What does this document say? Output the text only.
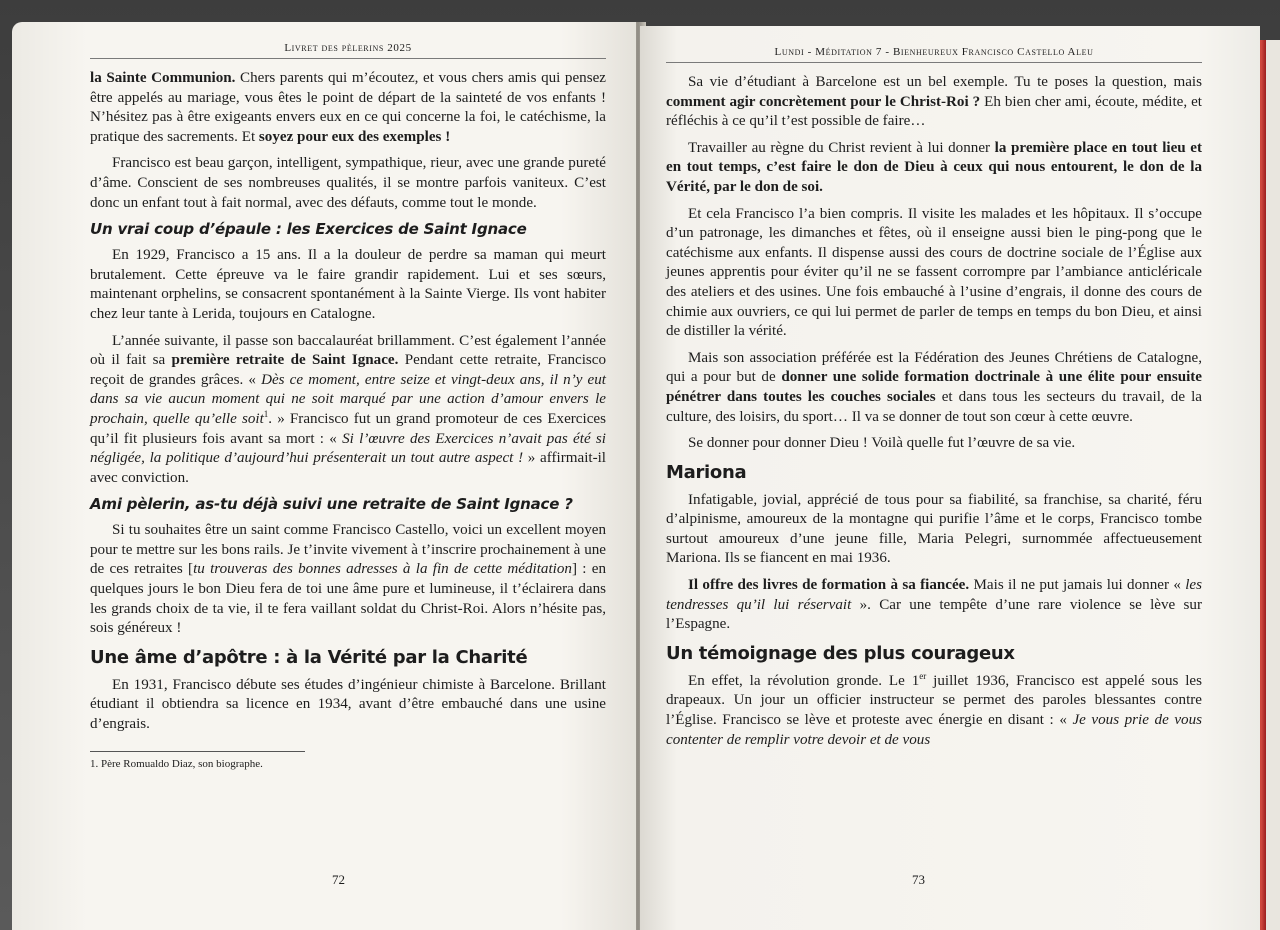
Livret des pèlerins 2025

la Sainte Communion. Chers parents qui m’écoutez, et vous chers amis qui pensez être appelés au mariage, vous êtes le point de départ de la sainteté de vos enfants ! N’hésitez pas à être exigeants envers eux en ce qui concerne la foi, le catéchisme, la pratique des sacrements. Et soyez pour eux des exemples !

Francisco est beau garçon, intelligent, sympathique, rieur, avec une grande pureté d’âme. Conscient de ses nombreuses qualités, il se montre parfois vaniteux. C’est donc un enfant tout à fait normal, avec des défauts, comme tout le monde.

Un vrai coup d’épaule : les Exercices de Saint Ignace

En 1929, Francisco a 15 ans. Il a la douleur de perdre sa maman qui meurt brutalement. Cette épreuve va le faire grandir rapidement. Lui et ses sœurs, maintenant orphelins, se consacrent spontanément à la Sainte Vierge. Ils vont habiter chez leur tante à Lerida, toujours en Catalogne.

L’année suivante, il passe son baccalauréat brillamment. C’est également l’année où il fait sa première retraite de Saint Ignace. Pendant cette retraite, Francisco reçoit de grandes grâces. « Dès ce moment, entre seize et vingt-deux ans, il n’y eut dans sa vie aucun moment qui ne soit marqué par une action d’amour envers le prochain, quelle qu’elle soit$^1$. » Francisco fut un grand promoteur de ces Exercices qu’il fit plusieurs fois avant sa mort : « Si l’œuvre des Exercices n’avait pas été si négligée, la politique d’aujourd’hui présenterait un tout autre aspect ! » affirmait-il avec conviction.

Ami pèlerin, as-tu déjà suivi une retraite de Saint Ignace ?

Si tu souhaites être un saint comme Francisco Castello, voici un excellent moyen pour te mettre sur les bons rails. Je t’invite vivement à t’inscrire prochainement à une de ces retraites [tu trouveras des bonnes adresses à la fin de cette méditation] : en quelques jours le bon Dieu fera de toi une âme pure et lumineuse, il t’éclairera dans les grands choix de ta vie, il te fera vaillant soldat du Christ-Roi. Alors n’hésite pas, sois généreux !

Une âme d’apôtre : à la Vérité par la Charité

En 1931, Francisco débute ses études d’ingénieur chimiste à Barcelone. Brillant étudiant il obtiendra sa licence en 1934, avant d’être embauché dans une usine d’engrais.

1. Père Romualdo Diaz, son biographe.
72
Lundi - Méditation 7 - Bienheureux Francisco Castello Aleu

Sa vie d’étudiant à Barcelone est un bel exemple. Tu te poses la question, mais comment agir concrètement pour le Christ-Roi ? Eh bien cher ami, écoute, médite, et réfléchis à ce qu’il t’est possible de faire…

Travailler au règne du Christ revient à lui donner la première place en tout lieu et en tout temps, c’est faire le don de Dieu à ceux qui nous entourent, le don de la Vérité, par le don de soi.

Et cela Francisco l’a bien compris. Il visite les malades et les hôpitaux. Il s’occupe d’un patronage, les dimanches et fêtes, où il enseigne aussi bien le ping-pong que le catéchisme aux enfants. Il dispense aussi des cours de doctrine sociale de l’Église aux jeunes apprentis pour éviter qu’il ne se fassent corrompre par l’ambiance anticléricale des ateliers et des usines. Une fois embauché à l’usine d’engrais, il donne des cours de chimie aux ouvriers, ce qui lui permet de parler de temps en temps du bon Dieu, et ainsi de distiller la vérité.

Mais son association préférée est la Fédération des Jeunes Chrétiens de Catalogne, qui a pour but de donner une solide formation doctrinale à une élite pour ensuite pénétrer dans toutes les couches sociales et dans tous les secteurs du travail, de la culture, des loisirs, du sport… Il va se donner de tout son cœur à cette œuvre.

Se donner pour donner Dieu ! Voilà quelle fut l’œuvre de sa vie.

Mariona

Infatigable, jovial, apprécié de tous pour sa fiabilité, sa franchise, sa charité, féru d’alpinisme, amoureux de la montagne qui purifie l’âme et le corps, Francisco tombe surtout amoureux d’une jeune fille, Maria Pelegri, surnommée affectueusement Mariona. Ils se fiancent en mai 1936.

Il offre des livres de formation à sa fiancée. Mais il ne put jamais lui donner « les tendresses qu’il lui réservait ». Car une tempête d’une rare violence se lève sur l’Espagne.

Un témoignage des plus courageux

En effet, la révolution gronde. Le 1er juillet 1936, Francisco est appelé sous les drapeaux. Un jour un officier instructeur se permet des paroles blessantes contre l’Église. Francisco se lève et proteste avec énergie en disant : « Je vous prie de vous contenter de remplir votre devoir et de vous

73
